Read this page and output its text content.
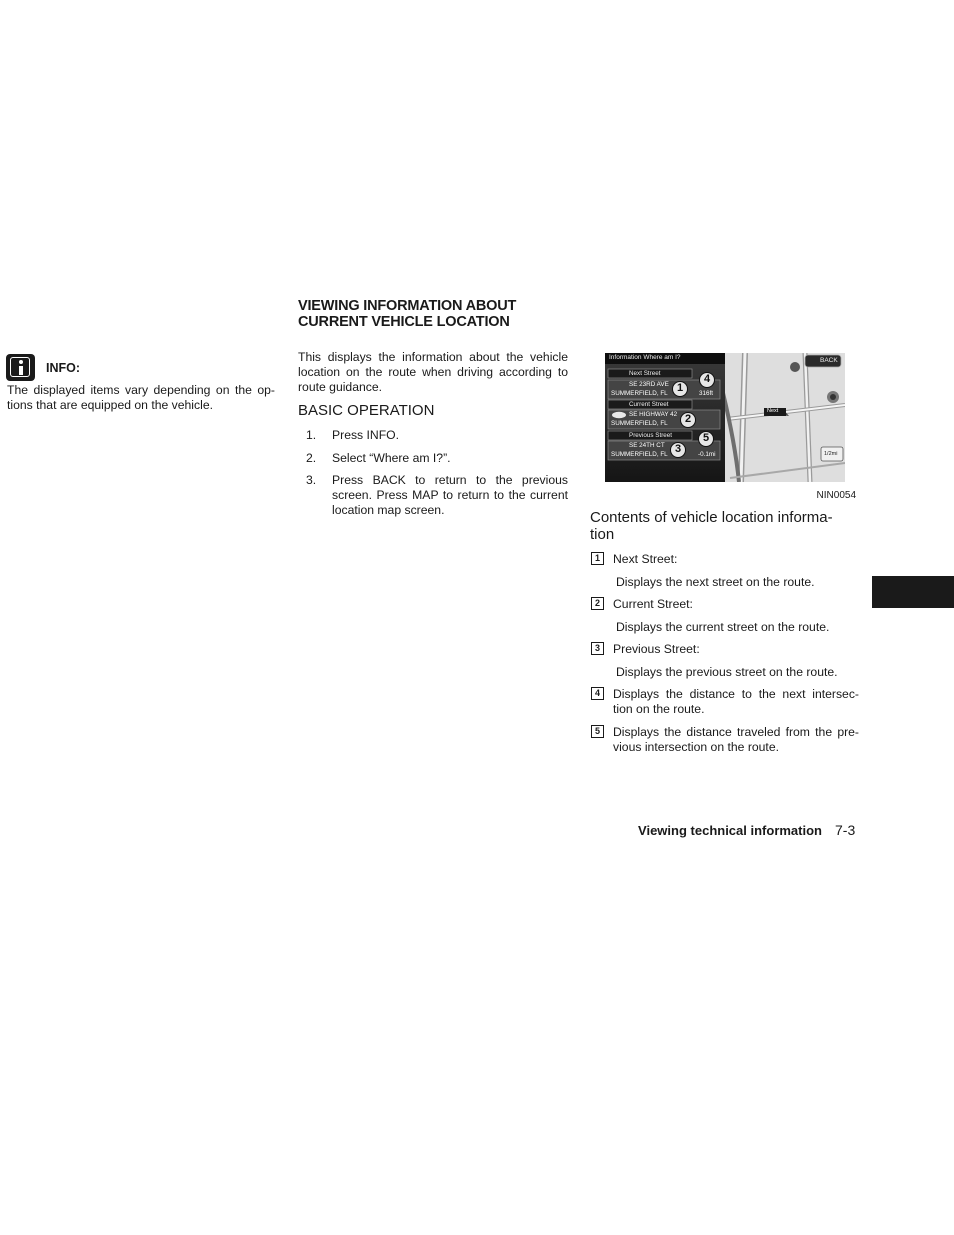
INFO:
The displayed items vary depending on the op-tions that are equipped on the vehicle.
VIEWING INFORMATION ABOUT
CURRENT VEHICLE LOCATION
This displays the information about the vehicle location on the route when driving according to route guidance.
BASIC OPERATION
1.	Press INFO.
2.	Select “Where am I?”.
3.	Press BACK to return to the previous
screen. Press MAP to return to the current
location map screen.
Information Where am I?	BACK
Next Street
SE 23RD AVE
SUMMERFIELD, FL	316ft
Current Street
SE HIGHWAY 42
SUMMERFIELD, FL
Previous Street
SE 24TH CT
SUMMERFIELD, FL	-0.1mi
Next
1/2mi
1
2
3
4
5
NIN0054
Contents of vehicle location informa-
tion
1	Next Street:
Displays the next street on the route.
2	Current Street:
Displays the current street on the route.
3	Previous Street:
Displays the previous street on the route.
4	Displays the distance to the next intersec-
tion on the route.
5	Displays the distance traveled from the pre-
vious intersection on the route.
Viewing technical information 7-3
